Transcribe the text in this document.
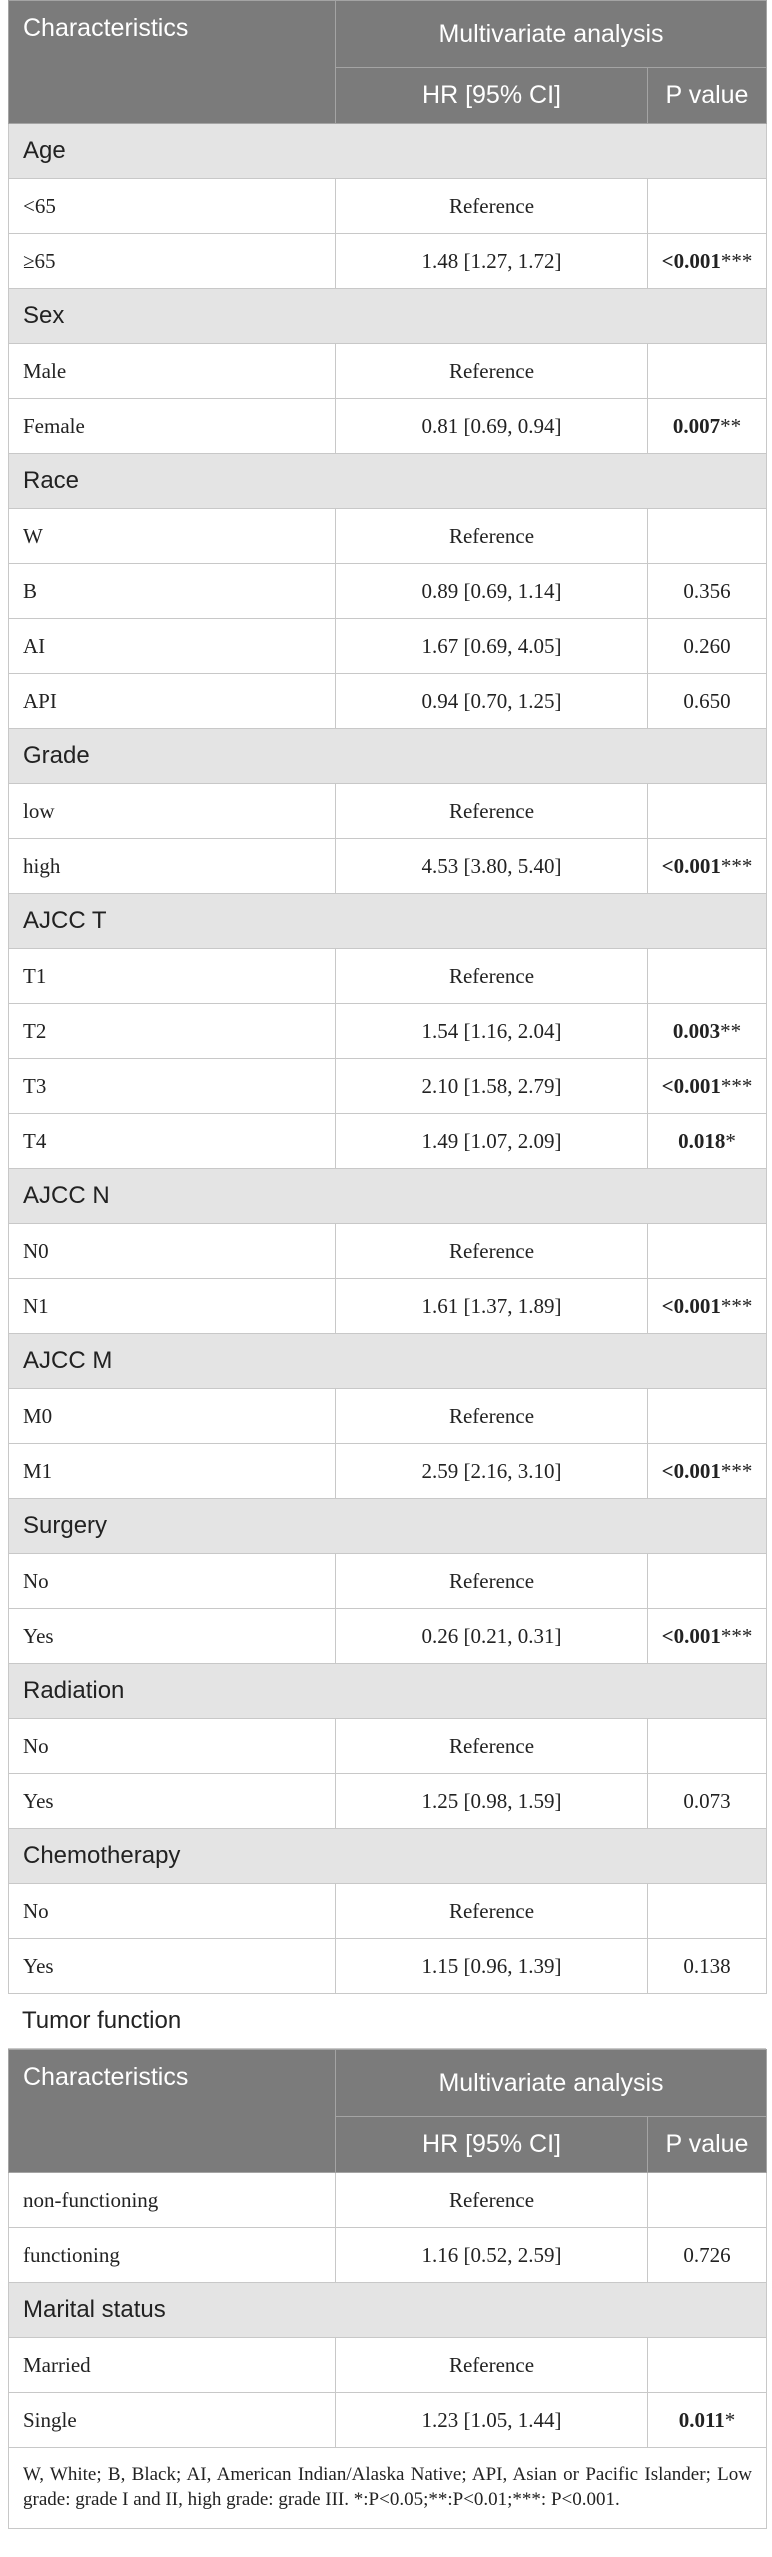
Characteristics	Multivariate analysis	
	HR [95% CI]	P value
Age		
<65	Reference	
≥65	1.48 [1.27, 1.72]	<0.001***
Sex		
Male	Reference	
Female	0.81 [0.69, 0.94]	0.007**
Race		
W	Reference	
B	0.89 [0.69, 1.14]	0.356
AI	1.67 [0.69, 4.05]	0.260
API	0.94 [0.70, 1.25]	0.650
Grade		
low	Reference	
high	4.53 [3.80, 5.40]	<0.001***
AJCC T		
T1	Reference	
T2	1.54 [1.16, 2.04]	0.003**
T3	2.10 [1.58, 2.79]	<0.001***
T4	1.49 [1.07, 2.09]	0.018*
AJCC N		
N0	Reference	
N1	1.61 [1.37, 1.89]	<0.001***
AJCC M		
M0	Reference	
M1	2.59 [2.16, 3.10]	<0.001***
Surgery		
No	Reference	
Yes	0.26 [0.21, 0.31]	<0.001***
Radiation		
No	Reference	
Yes	1.25 [0.98, 1.59]	0.073
Chemotherapy		
No	Reference	
Yes	1.15 [0.96, 1.39]	0.138
Tumor function
Characteristics	Multivariate analysis	
	HR [95% CI]	P value
non-functioning	Reference	
functioning	1.16 [0.52, 2.59]	0.726
Marital status		
Married	Reference	
Single	1.23 [1.05, 1.44]	0.011*
W, White; B, Black; AI, American Indian/Alaska Native; API, Asian or Pacific Islander; Low grade: grade I and II, high grade: grade III. *:P<0.05;**:P<0.01;***: P<0.001.		
